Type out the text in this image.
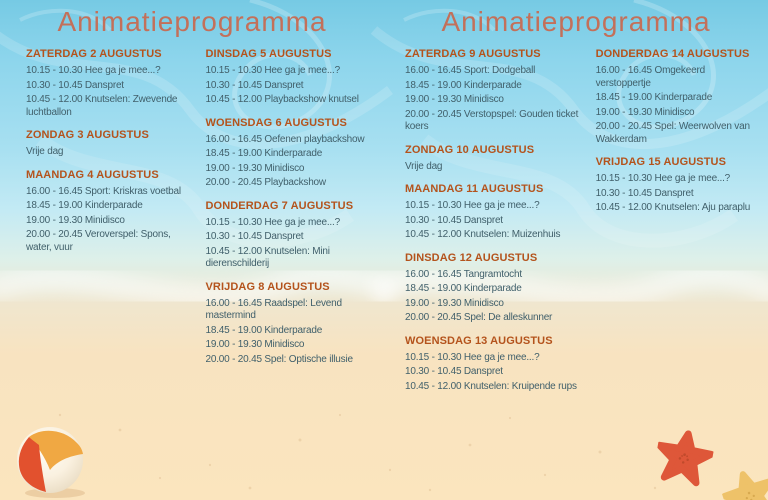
Animatieprogramma
ZATERDAG 2 AUGUSTUS
10.15 - 10.30 Hee ga je mee...?
10.30 - 10.45 Danspret
10.45 - 12.00 Knutselen: Zwevende luchtballon
ZONDAG 3 AUGUSTUS
Vrije dag
MAANDAG 4 AUGUSTUS
16.00 - 16.45 Sport: Kriskras voetbal
18.45 - 19.00 Kinderparade
19.00 - 19.30 Minidisco
20.00 - 20.45 Veroverspel: Spons, water, vuur
DINSDAG 5 AUGUSTUS
10.15 - 10.30 Hee ga je mee...?
10.30 - 10.45 Danspret
10.45 - 12.00 Playbackshow knutsel
WOENSDAG 6 AUGUSTUS
16.00 - 16.45 Oefenen playbackshow
18.45 - 19.00 Kinderparade
19.00 - 19.30 Minidisco
20.00 - 20.45 Playbackshow
DONDERDAG 7 AUGUSTUS
10.15 - 10.30 Hee ga je mee...?
10.30 - 10.45 Danspret
10.45 - 12.00 Knutselen: Mini dierenschilderij
VRIJDAG 8 AUGUSTUS
16.00 - 16.45 Raadspel: Levend mastermind
18.45 - 19.00 Kinderparade
19.00 - 19.30 Minidisco
20.00 - 20.45 Spel: Optische illusie
Animatieprogramma
ZATERDAG 9 AUGUSTUS
16.00 - 16.45 Sport: Dodgeball
18.45 - 19.00 Kinderparade
19.00 - 19.30 Minidisco
20.00 - 20.45 Verstopspel: Gouden ticket koers
ZONDAG 10 AUGUSTUS
Vrije dag
MAANDAG 11 AUGUSTUS
10.15 - 10.30 Hee ga je mee...?
10.30 - 10.45 Danspret
10.45 - 12.00 Knutselen: Muizenhuis
DINSDAG 12 AUGUSTUS
16.00 - 16.45 Tangramtocht
18.45 - 19.00 Kinderparade
19.00 - 19.30 Minidisco
20.00 - 20.45 Spel: De alleskunner
WOENSDAG 13 AUGUSTUS
10.15 - 10.30 Hee ga je mee...?
10.30 - 10.45 Danspret
10.45 - 12.00 Knutselen: Kruipende rups
DONDERDAG 14 AUGUSTUS
16.00 - 16.45 Omgekeerd verstoppertje
18.45 - 19.00 Kinderparade
19.00 - 19.30 Minidisco
20.00 - 20.45 Spel: Weerwolven van Wakkerdam
VRIJDAG 15 AUGUSTUS
10.15 - 10.30 Hee ga je mee...?
10.30 - 10.45 Danspret
10.45 - 12.00 Knutselen: Aju paraplu
